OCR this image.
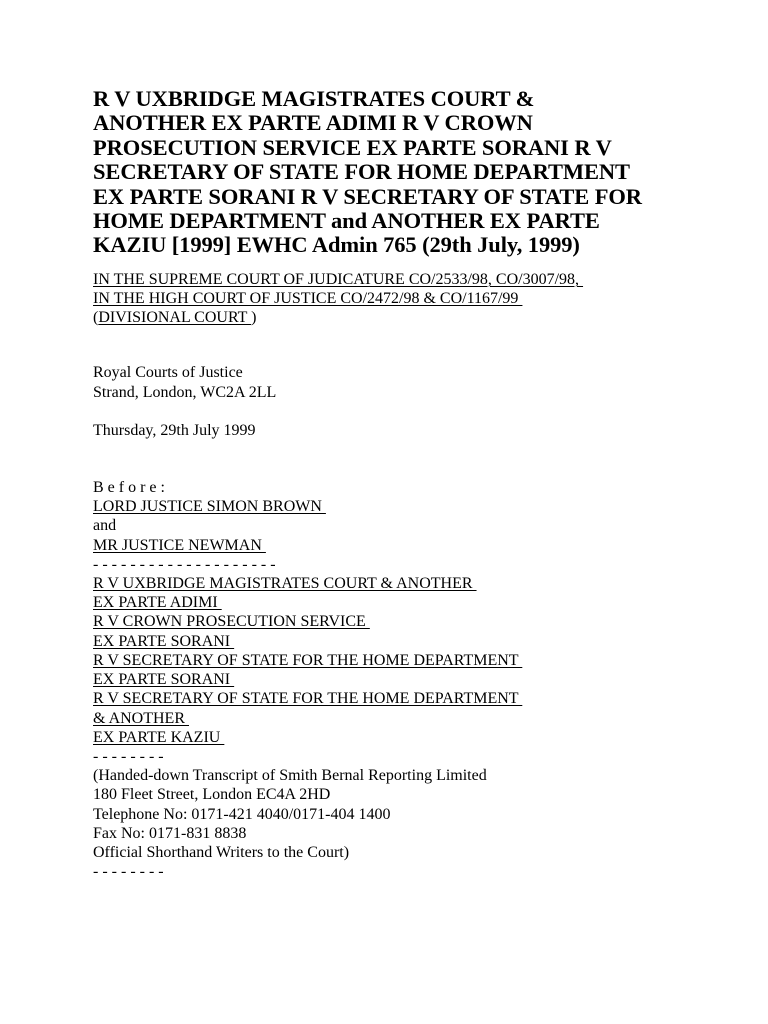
R V UXBRIDGE MAGISTRATES COURT &
ANOTHER EX PARTE ADIMI R V CROWN
PROSECUTION SERVICE EX PARTE SORANI R V
SECRETARY OF STATE FOR HOME DEPARTMENT
EX PARTE SORANI R V SECRETARY OF STATE FOR
HOME DEPARTMENT and ANOTHER EX PARTE
KAZIU [1999] EWHC Admin 765 (29th July, 1999)
IN THE SUPREME COURT OF JUDICATURE CO/2533/98, CO/3007/98,
IN THE HIGH COURT OF JUSTICE CO/2472/98 & CO/1167/99
(DIVISIONAL COURT )
Royal Courts of Justice
Strand, London, WC2A 2LL
Thursday, 29th July 1999
B e f o r e :
LORD JUSTICE SIMON BROWN
and
MR JUSTICE NEWMAN
- - - - - - - - - - - - - - - - - - - -
R V UXBRIDGE MAGISTRATES COURT & ANOTHER
EX PARTE ADIMI
R V CROWN PROSECUTION SERVICE
EX PARTE SORANI
R V SECRETARY OF STATE FOR THE HOME DEPARTMENT
EX PARTE SORANI
R V SECRETARY OF STATE FOR THE HOME DEPARTMENT
& ANOTHER
EX PARTE KAZIU
- - - - - - - -
(Handed-down Transcript of Smith Bernal Reporting Limited
180 Fleet Street, London EC4A 2HD
Telephone No: 0171-421 4040/0171-404 1400
Fax No: 0171-831 8838
Official Shorthand Writers to the Court)
- - - - - - - -
